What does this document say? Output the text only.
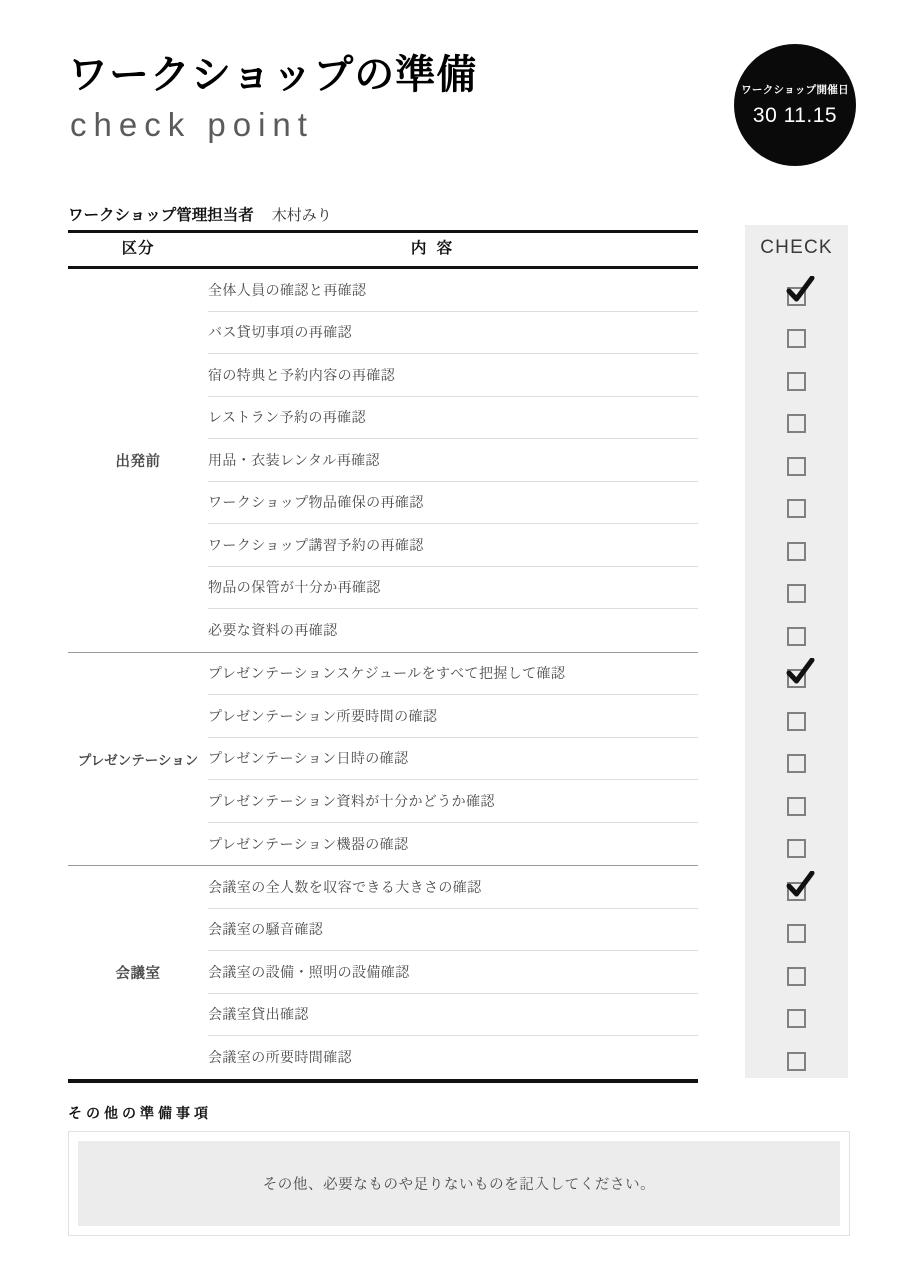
ワークショップの準備
check point
ワークショップ開催日
30 11.15
ワークショップ管理担当者 木村みり
CHECK
区分	内 容
出発前
全体人員の確認と再確認
バス貸切事項の再確認
宿の特典と予約内容の再確認
レストラン予約の再確認
用品・衣装レンタル再確認
ワークショップ物品確保の再確認
ワークショップ講習予約の再確認
物品の保管が十分か再確認
必要な資料の再確認
プレゼンテーション
プレゼンテーションスケジュールをすべて把握して確認
プレゼンテーション所要時間の確認
プレゼンテーション日時の確認
プレゼンテーション資料が十分かどうか確認
プレゼンテーション機器の確認
会議室
会議室の全人数を収容できる大きさの確認
会議室の騒音確認
会議室の設備・照明の設備確認
会議室貸出確認
会議室の所要時間確認
その他の準備事項
その他、必要なものや足りないものを記入してください。
